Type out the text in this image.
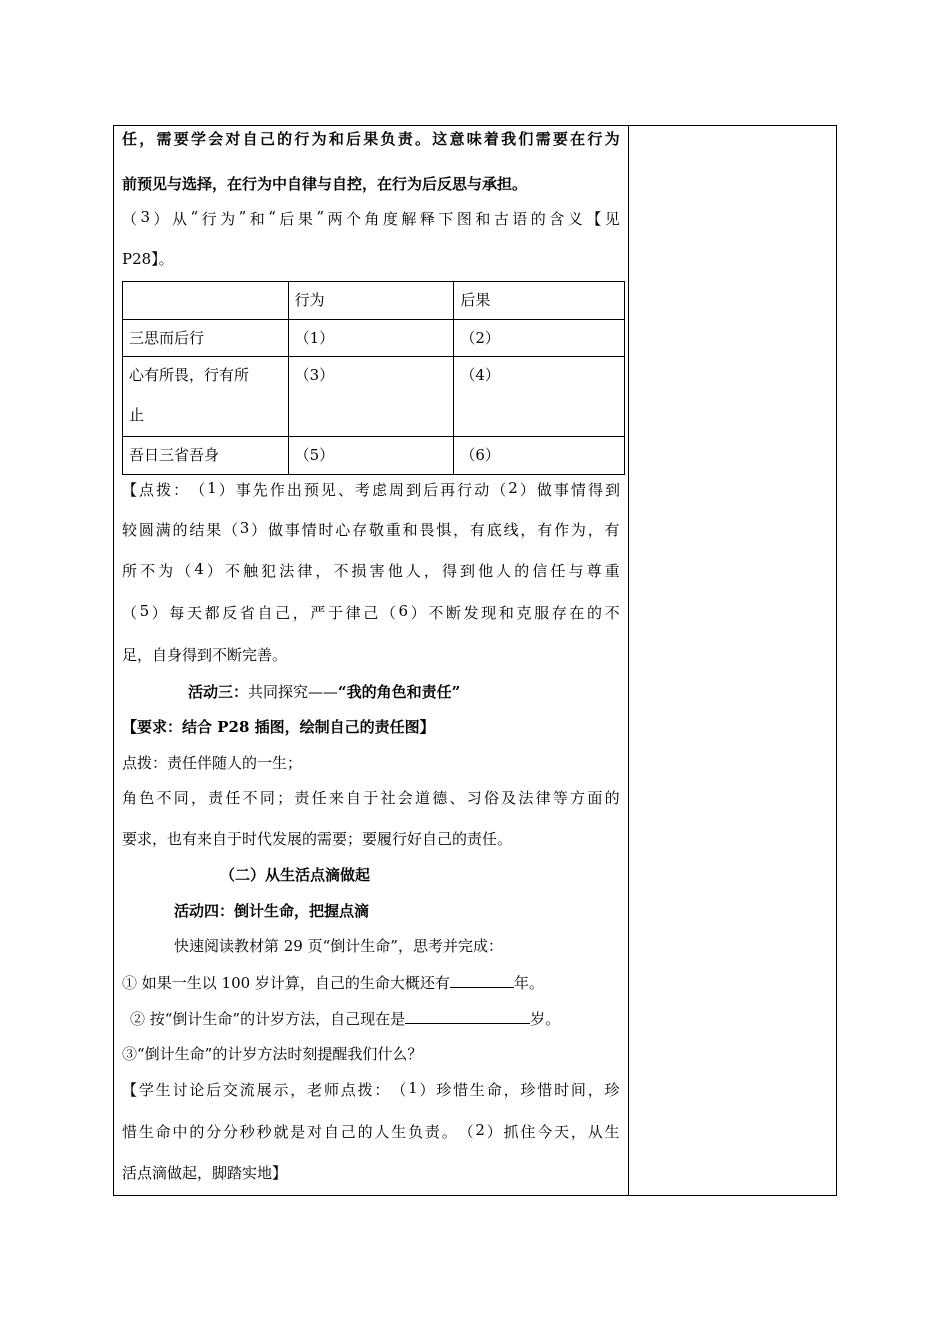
任 ， 需 要 学 会 对 自 己 的 行 为 和 后 果 负 责 。 这 意 味 着 我 们 需 要 在 行 为
前预见与选择，在行为中自律与自控，在行为后反思与承担。
（ 3 ） 从 “ 行 为 ” 和 “ 后 果 ” 两 个 角 度 解 释 下 图 和 古 语 的 含 义 【 见
P28】。
	行为	后果
三思而后行	（1）	（2）

心有所畏，行有所
止	（3）	（4）
吾日三省吾身	（5）	（6）
【 点 拨 ： （ 1 ） 事 先 作 出 预 见 、 考 虑 周 到 后 再 行 动 （ 2 ） 做 事 情 得 到
较 圆 满 的 结 果 （ 3 ） 做 事 情 时 心 存 敬 重 和 畏 惧 ， 有 底 线 ， 有 作 为 ， 有
所 不 为 （ 4 ） 不 触 犯 法 律 ， 不 损 害 他 人 ， 得 到 他 人 的 信 任 与 尊 重
（ 5 ） 每 天 都 反 省 自 己 ， 严 于 律 己 （ 6 ） 不 断 发 现 和 克 服 存 在 的 不
足，自身得到不断完善。
活动三：共同探究——“我的角色和责任”
【要求：结合 P28 插图，绘制自己的责任图】
点拨：责任伴随人的一生；
角 色 不 同 ， 责 任 不 同 ； 责 任 来 自 于 社 会 道 德 、 习 俗 及 法 律 等 方 面 的
要求，也有来自于时代发展的需要；要履行好自己的责任。
（二）从生活点滴做起
活动四：倒计生命，把握点滴
快速阅读教材第 29 页“倒计生命”，思考并完成：
① 如果一生以 100 岁计算，自己的生命大概还有	年。
② 按“倒计生命”的计岁方法，自己现在是	岁。
③“倒计生命”的计岁方法时刻提醒我们什么？
【 学 生 讨 论 后 交 流 展 示 ， 老 师 点 拨 ： （ 1 ） 珍 惜 生 命 ， 珍 惜 时 间 ， 珍
惜 生 命 中 的 分 分 秒 秒 就 是 对 自 己 的 人 生 负 责 。 （ 2 ） 抓 住 今 天 ， 从 生
活点滴做起，脚踏实地】
